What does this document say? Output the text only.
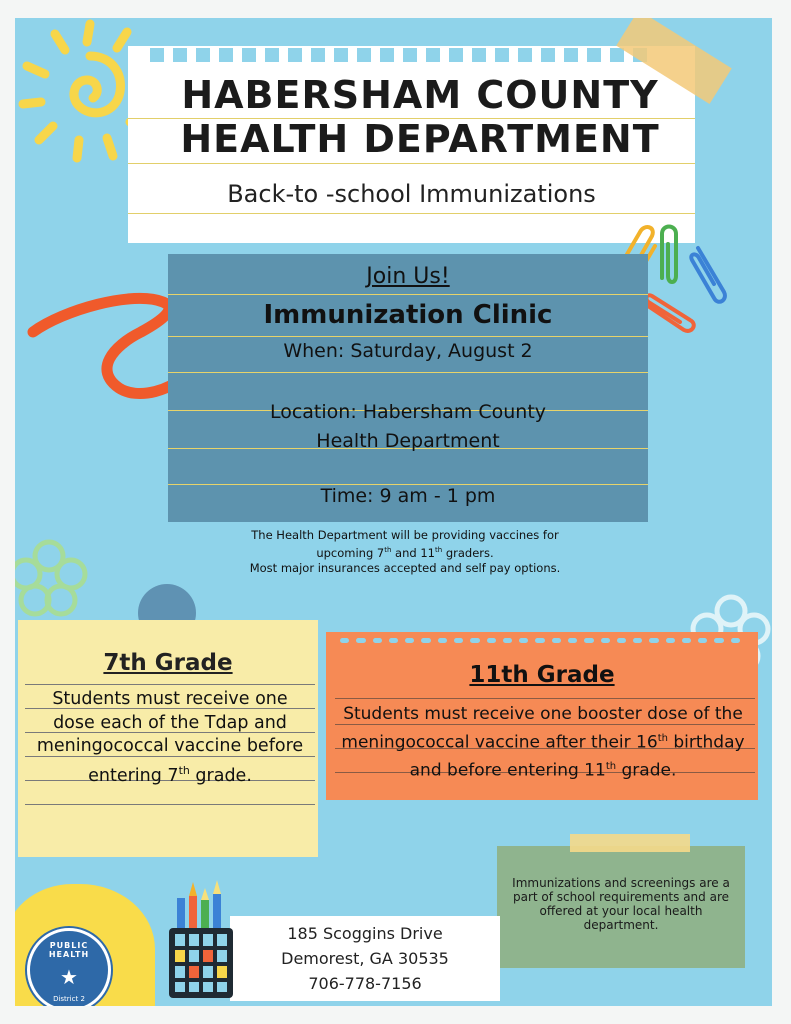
HABERSHAM COUNTY
HEALTH DEPARTMENT
Back-to -school Immunizations
Join Us!
Immunization Clinic
When: Saturday, August 2
Location: Habersham County
Health Department
Time: 9 am - 1 pm
The Health Department will be providing vaccines for
upcoming 7th and 11th graders.
Most major insurances accepted and self pay options.
7th Grade
Students must receive one dose each of the Tdap and meningococcal vaccine before entering 7th grade.
11th Grade
Students must receive one booster dose of the meningococcal vaccine after their 16th birthday and before entering 11th grade.
Immunizations and screenings are a part of school requirements and are offered at your local health department.
185 Scoggins Drive
Demorest, GA 30535
706-778-7156
PUBLIC HEALTH
★
District 2
